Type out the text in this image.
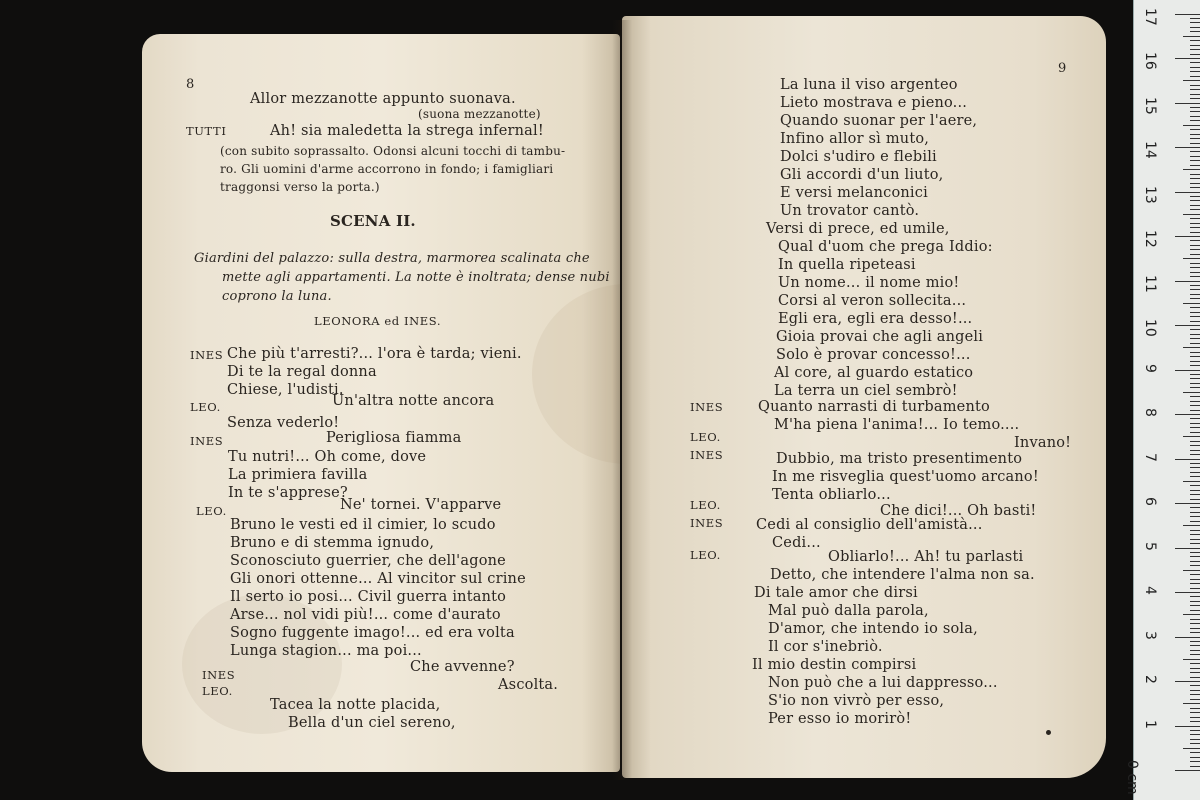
8
Allor mezzanotte appunto suonava.
(suona mezzanotte)
TUTTI	Ah! sia maledetta la strega infernal!
(con subito soprassalto. Odonsi alcuni tocchi di tambu-
ro. Gli uomini d'arme accorrono in fondo; i famigliari
traggonsi verso la porta.)
SCENA II.
Giardini del palazzo: sulla destra, marmorea scalinata che
mette agli appartamenti. La notte è inoltrata; dense nubi
coprono la luna.
LEONORA ed INES.
INES Che più t'arresti?... l'ora è tarda; vieni.
Di te la regal donna
Chiese, l'udisti.
LEO.	Un'altra notte ancora
Senza vederlo!
INES	Perigliosa fiamma
Tu nutri!... Oh come, dove
La primiera favilla
In te s'apprese?
LEO.	Ne' tornei. V'apparve
Bruno le vesti ed il cimier, lo scudo
Bruno e di stemma ignudo,
Sconosciuto guerrier, che dell'agone
Gli onori ottenne... Al vincitor sul crine
Il serto io posi... Civil guerra intanto
Arse... nol vidi più!... come d'aurato
Sogno fuggente imago!... ed era volta
Lunga stagion... ma poi...
INES	Che avvenne?
LEO.	Ascolta.
Tacea la notte placida,
Bella d'un ciel sereno,
9
La luna il viso argenteo
Lieto mostrava e pieno...
Quando suonar per l'aere,
Infino allor sì muto,
Dolci s'udiro e flebili
Gli accordi d'un liuto,
E versi melanconici
Un trovator cantò.
Versi di prece, ed umile,
Qual d'uom che prega Iddio:
In quella ripeteasi
Un nome... il nome mio!
Corsi al veron sollecita...
Egli era, egli era desso!...
Gioia provai che agli angeli
Solo è provar concesso!...
Al core, al guardo estatico
La terra un ciel sembrò!
INES Quanto narrasti di turbamento
M'ha piena l'anima!... Io temo....
LEO.	Invano!
INES	Dubbio, ma tristo presentimento
In me risveglia quest'uomo arcano!
Tenta obliarlo...
LEO.	Che dici!... Oh basti!
INES Cedi al consiglio dell'amistà...
Cedi...
LEO.	Obliarlo!... Ah! tu parlasti
Detto, che intendere l'alma non sa.
Di tale amor che dirsi
Mal può dalla parola,
D'amor, che intendo io sola,
Il cor s'inebriò.
Il mio destin compirsi
Non può che a lui dappresso...
S'io non vivrò per esso,
Per esso io morirò!
0 cm
1
2
3
4
5
6
7
8
9
10
11
12
13
14
15
16
17
